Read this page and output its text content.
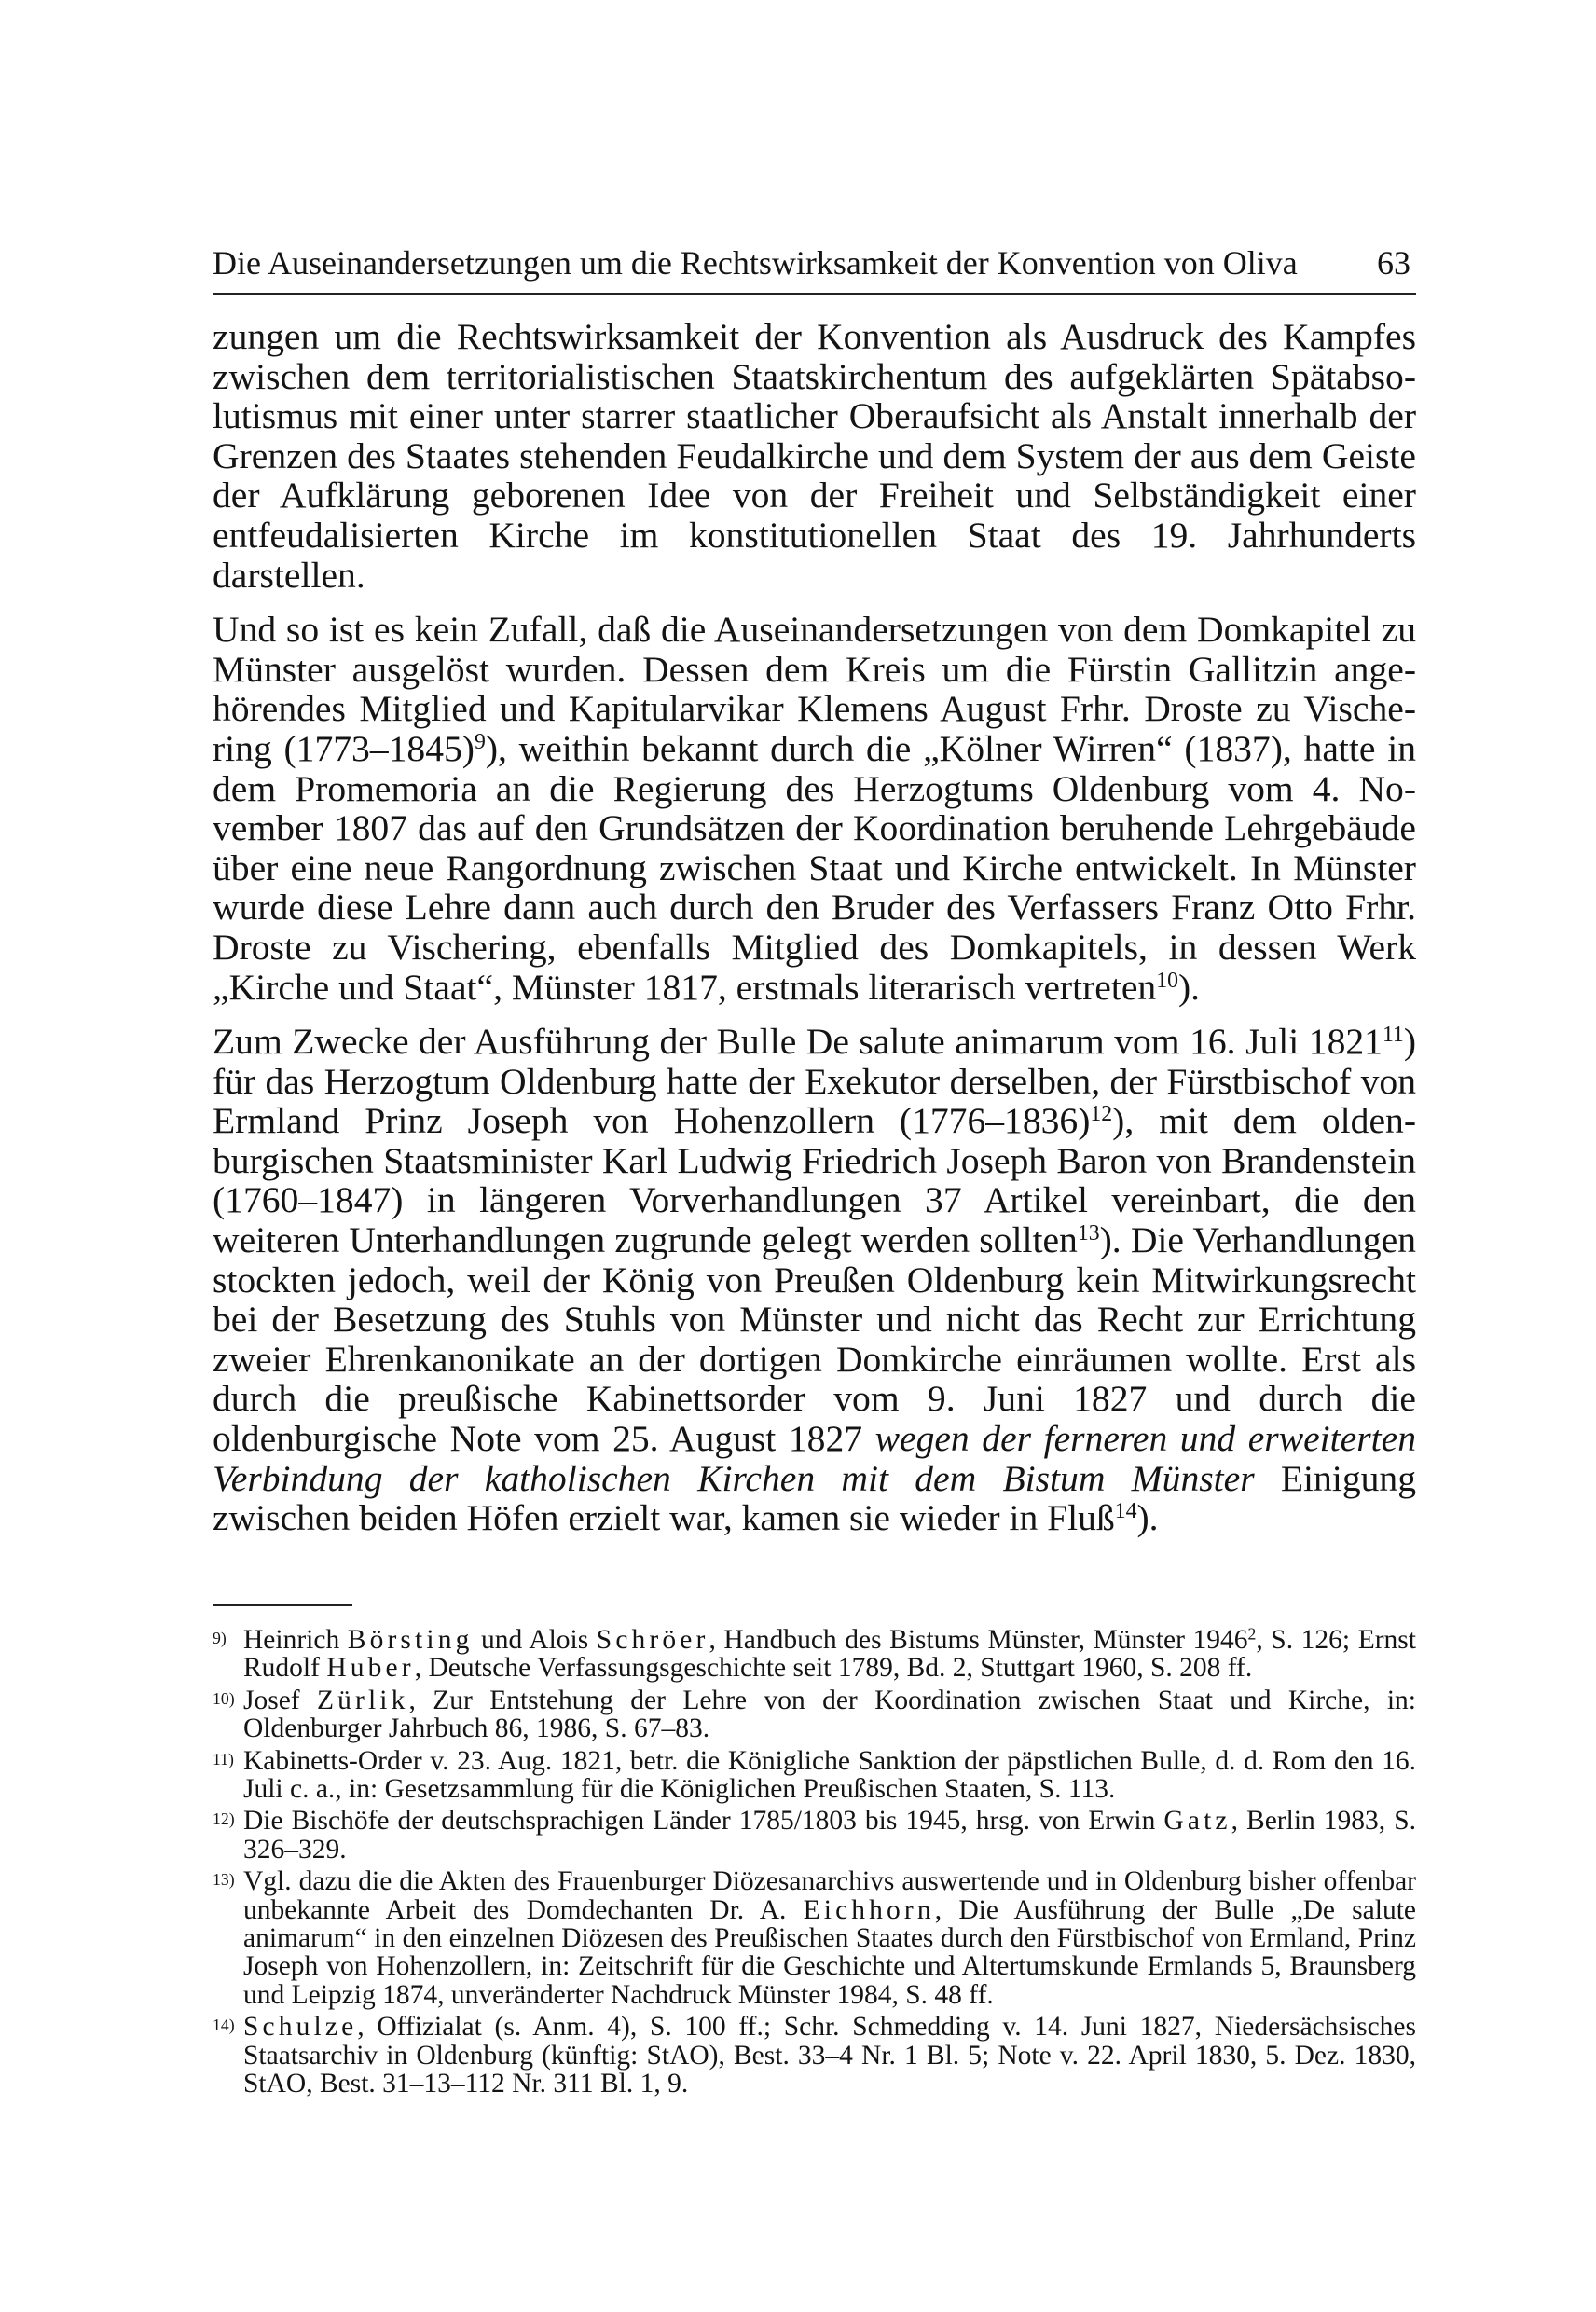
Die Auseinandersetzungen um die Rechtswirksamkeit der Konvention von Oliva 63

zungen um die Rechtswirksamkeit der Konvention als Ausdruck des Kampfes zwischen dem territorialistischen Staatskirchentum des aufgeklärten Spätabsolutismus mit einer unter starrer staatlicher Oberaufsicht als Anstalt innerhalb der Grenzen des Staates stehenden Feudalkirche und dem System der aus dem Geiste der Aufklärung geborenen Idee von der Freiheit und Selbständigkeit einer entfeudalisierten Kirche im konstitutionellen Staat des 19. Jahrhunderts darstellen.

Und so ist es kein Zufall, daß die Auseinandersetzungen von dem Domkapitel zu Münster ausgelöst wurden. Dessen dem Kreis um die Fürstin Gallitzin angehörendes Mitglied und Kapitularvikar Klemens August Frhr. Droste zu Vischering (1773–1845)$^9$), weithin bekannt durch die „Kölner Wirren“ (1837), hatte in dem Promemoria an die Regierung des Herzogtums Oldenburg vom 4. November 1807 das auf den Grundsätzen der Koordination beruhende Lehrgebäude über eine neue Rangordnung zwischen Staat und Kirche entwickelt. In Münster wurde diese Lehre dann auch durch den Bruder des Verfassers Franz Otto Frhr. Droste zu Vischering, ebenfalls Mitglied des Domkapitels, in dessen Werk „Kirche und Staat“, Münster 1817, erstmals literarisch vertreten$^{10}$).

Zum Zwecke der Ausführung der Bulle De salute animarum vom 16. Juli 1821$^{11}$) für das Herzogtum Oldenburg hatte der Exekutor derselben, der Fürstbischof von Ermland Prinz Joseph von Hohenzollern (1776–1836)$^{12}$), mit dem oldenburgischen Staatsminister Karl Ludwig Friedrich Joseph Baron von Brandenstein (1760–1847) in längeren Vorverhandlungen 37 Artikel vereinbart, die den weiteren Unterhandlungen zugrunde gelegt werden sollten$^{13}$). Die Verhandlungen stockten jedoch, weil der König von Preußen Oldenburg kein Mitwirkungsrecht bei der Besetzung des Stuhls von Münster und nicht das Recht zur Errichtung zweier Ehrenkanonikate an der dortigen Domkirche einräumen wollte. Erst als durch die preußische Kabinettsorder vom 9. Juni 1827 und durch die oldenburgische Note vom 25. August 1827 wegen der ferneren und erweiterten Verbindung der katholischen Kirchen mit dem Bistum Münster Einigung zwischen beiden Höfen erzielt war, kamen sie wieder in Fluß$^{14}$).

9) Heinrich Börsting und Alois Schröer, Handbuch des Bistums Münster, Münster 1946$^2$, S. 126; Ernst Rudolf Huber, Deutsche Verfassungsgeschichte seit 1789, Bd. 2, Stuttgart 1960, S. 208 ff.
10) Josef Zürlik, Zur Entstehung der Lehre von der Koordination zwischen Staat und Kirche, in: Oldenburger Jahrbuch 86, 1986, S. 67–83.
11) Kabinetts-Order v. 23. Aug. 1821, betr. die Königliche Sanktion der päpstlichen Bulle, d. d. Rom den 16. Juli c. a., in: Gesetzsammlung für die Königlichen Preußischen Staaten, S. 113.
12) Die Bischöfe der deutschsprachigen Länder 1785/1803 bis 1945, hrsg. von Erwin Gatz, Berlin 1983, S. 326–329.
13) Vgl. dazu die die Akten des Frauenburger Diözesanarchivs auswertende und in Oldenburg bisher offenbar unbekannte Arbeit des Domdechanten Dr. A. Eichhorn, Die Ausführung der Bulle „De salute animarum“ in den einzelnen Diözesen des Preußischen Staates durch den Fürstbischof von Ermland, Prinz Joseph von Hohenzollern, in: Zeitschrift für die Geschichte und Altertumskunde Ermlands 5, Braunsberg und Leipzig 1874, unveränderter Nachdruck Münster 1984, S. 48 ff.
14) Schulze, Offizialat (s. Anm. 4), S. 100 ff.; Schr. Schmedding v. 14. Juni 1827, Niedersächsisches Staatsarchiv in Oldenburg (künftig: StAO), Best. 33–4 Nr. 1 Bl. 5; Note v. 22. April 1830, 5. Dez. 1830, StAO, Best. 31–13–112 Nr. 311 Bl. 1, 9.
